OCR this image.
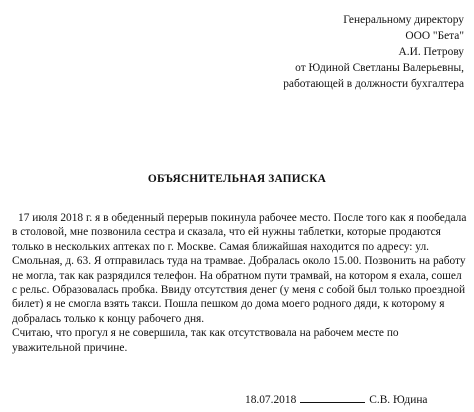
Генеральному директору
ООО "Бета"
А.И. Петрову
от Юдиной Светланы Валерьевны,
работающей в должности бухгалтера
ОБЪЯСНИТЕЛЬНАЯ ЗАПИСКА

17 июля 2018 г. я в обеденный перерыв покинула рабочее место. После того как я пообедала в столовой, мне позвонила сестра и сказала, что ей нужны таблетки, которые продаются только в нескольких аптеках по г. Москве. Самая ближайшая находится по адресу: ул. Смольная, д. 63. Я отправилась туда на трамвае. Добралась около 15.00. Позвонить на работу не могла, так как разрядился телефон. На обратном пути трамвай, на котором я ехала, сошел с рельс. Образовалась пробка. Ввиду отсутствия денег (у меня с собой был только проездной билет) я не смогла взять такси. Пошла пешком до дома моего родного дяди, к которому я добралась только к концу рабочего дня.

Считаю, что прогул я не совершила, так как отсутствовала на рабочем месте по уважительной причине.

18.07.2018	С.В. Юдина
